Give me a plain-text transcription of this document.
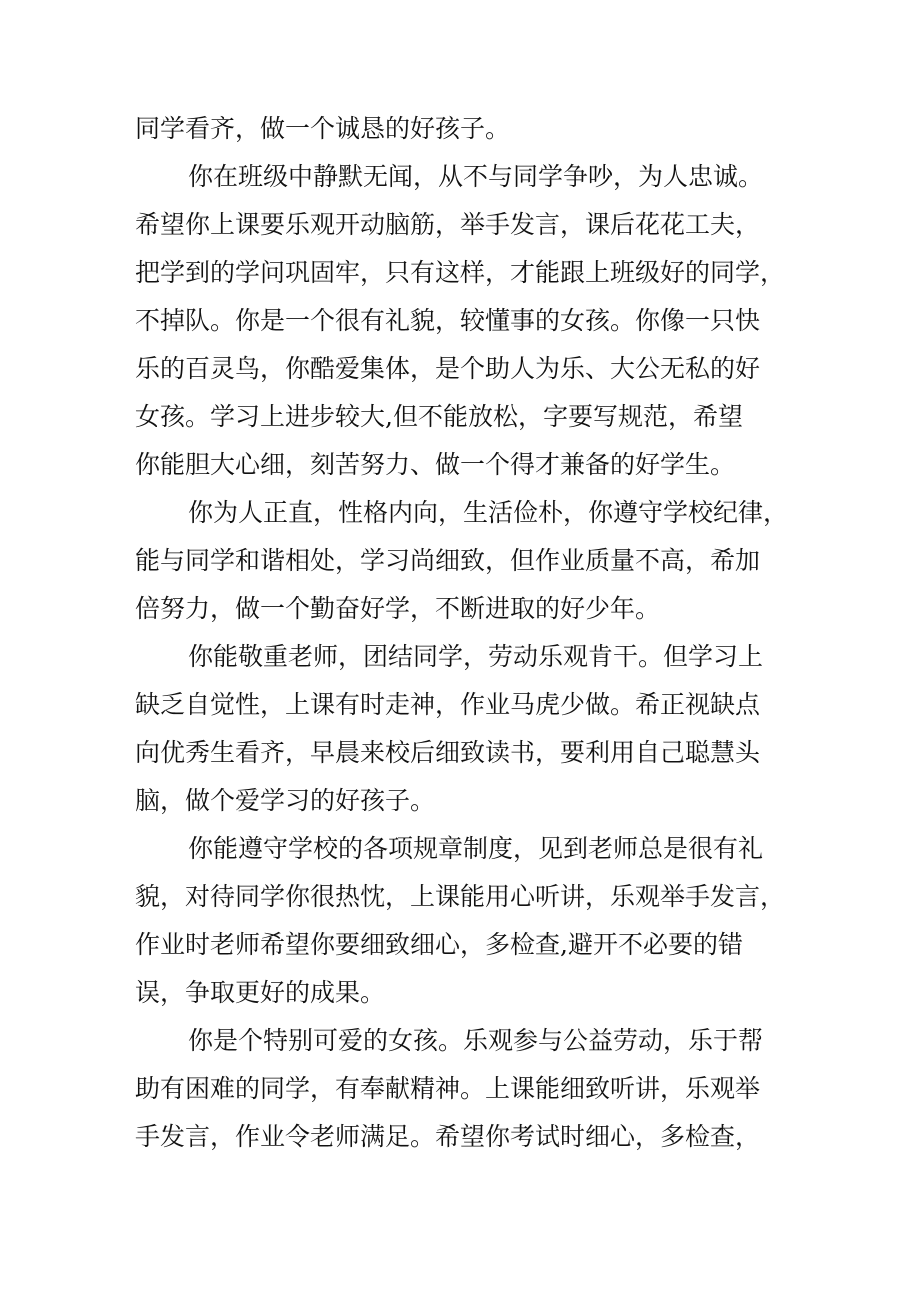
同学看齐，做一个诚恳的好孩子。
你在班级中静默无闻，从不与同学争吵，为人忠诚。
希望你上课要乐观开动脑筋，举手发言，课后花花工夫，
把学到的学问巩固牢，只有这样，才能跟上班级好的同学，
不掉队。你是一个很有礼貌，较懂事的女孩。你像一只快
乐的百灵鸟，你酷爱集体，是个助人为乐、大公无私的好
女孩。学习上进步较大,但不能放松，字要写规范，希望
你能胆大心细，刻苦努力、做一个得才兼备的好学生。
你为人正直，性格内向，生活俭朴，你遵守学校纪律，
能与同学和谐相处，学习尚细致，但作业质量不高，希加
倍努力，做一个勤奋好学，不断进取的好少年。
你能敬重老师，团结同学，劳动乐观肯干。但学习上
缺乏自觉性，上课有时走神，作业马虎少做。希正视缺点
向优秀生看齐，早晨来校后细致读书，要利用自己聪慧头
脑，做个爱学习的好孩子。
你能遵守学校的各项规章制度，见到老师总是很有礼
貌，对待同学你很热忱，上课能用心听讲，乐观举手发言，
作业时老师希望你要细致细心，多检查,避开不必要的错
误，争取更好的成果。
你是个特别可爱的女孩。乐观参与公益劳动，乐于帮
助有困难的同学，有奉献精神。上课能细致听讲，乐观举
手发言，作业令老师满足。希望你考试时细心，多检查，
